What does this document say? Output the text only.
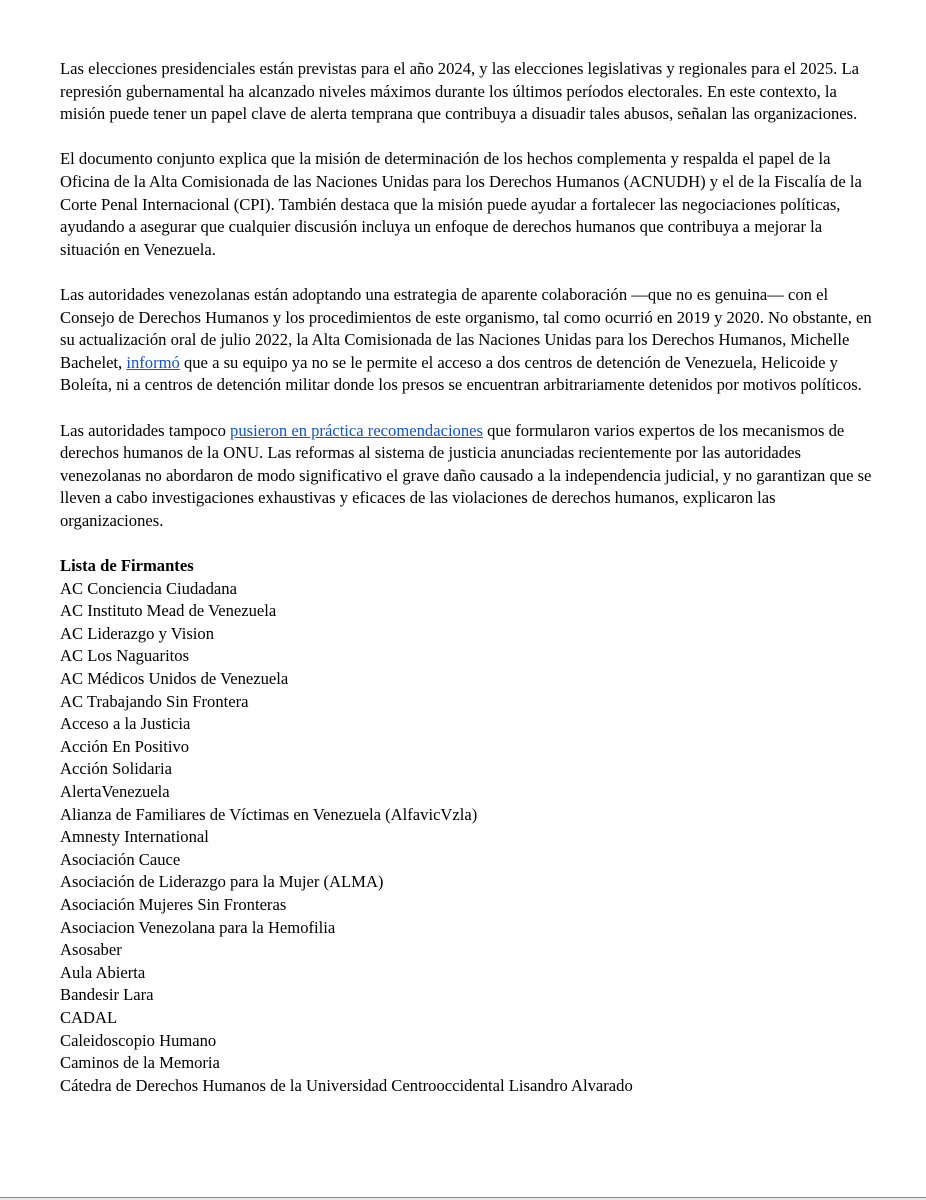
Las elecciones presidenciales están previstas para el año 2024, y las elecciones legislativas y regionales para el 2025. La represión gubernamental ha alcanzado niveles máximos durante los últimos períodos electorales. En este contexto, la misión puede tener un papel clave de alerta temprana que contribuya a disuadir tales abusos, señalan las organizaciones.

El documento conjunto explica que la misión de determinación de los hechos complementa y respalda el papel de la Oficina de la Alta Comisionada de las Naciones Unidas para los Derechos Humanos (ACNUDH) y el de la Fiscalía de la Corte Penal Internacional (CPI). También destaca que la misión puede ayudar a fortalecer las negociaciones políticas, ayudando a asegurar que cualquier discusión incluya un enfoque de derechos humanos que contribuya a mejorar la situación en Venezuela.

Las autoridades venezolanas están adoptando una estrategia de aparente colaboración —que no es genuina— con el Consejo de Derechos Humanos y los procedimientos de este organismo, tal como ocurrió en 2019 y 2020. No obstante, en su actualización oral de julio 2022, la Alta Comisionada de las Naciones Unidas para los Derechos Humanos, Michelle Bachelet, informó que a su equipo ya no se le permite el acceso a dos centros de detención de Venezuela, Helicoide y Boleíta, ni a centros de detención militar donde los presos se encuentran arbitrariamente detenidos por motivos políticos.

Las autoridades tampoco pusieron en práctica recomendaciones que formularon varios expertos de los mecanismos de derechos humanos de la ONU. Las reformas al sistema de justicia anunciadas recientemente por las autoridades venezolanas no abordaron de modo significativo el grave daño causado a la independencia judicial, y no garantizan que se lleven a cabo investigaciones exhaustivas y eficaces de las violaciones de derechos humanos, explicaron las organizaciones.

Lista de Firmantes

AC Conciencia Ciudadana
AC Instituto Mead de Venezuela
AC Liderazgo y Vision
AC Los Naguaritos
AC Médicos Unidos de Venezuela
AC Trabajando Sin Frontera
Acceso a la Justicia
Acción En Positivo
Acción Solidaria
AlertaVenezuela
Alianza de Familiares de Víctimas en Venezuela (AlfavicVzla)
Amnesty International
Asociación Cauce
Asociación de Liderazgo para la Mujer (ALMA)
Asociación Mujeres Sin Fronteras
Asociacion Venezolana para la Hemofilia
Asosaber
Aula Abierta
Bandesir Lara
CADAL
Caleidoscopio Humano
Caminos de la Memoria
Cátedra de Derechos Humanos de la Universidad Centrooccidental Lisandro Alvarado
